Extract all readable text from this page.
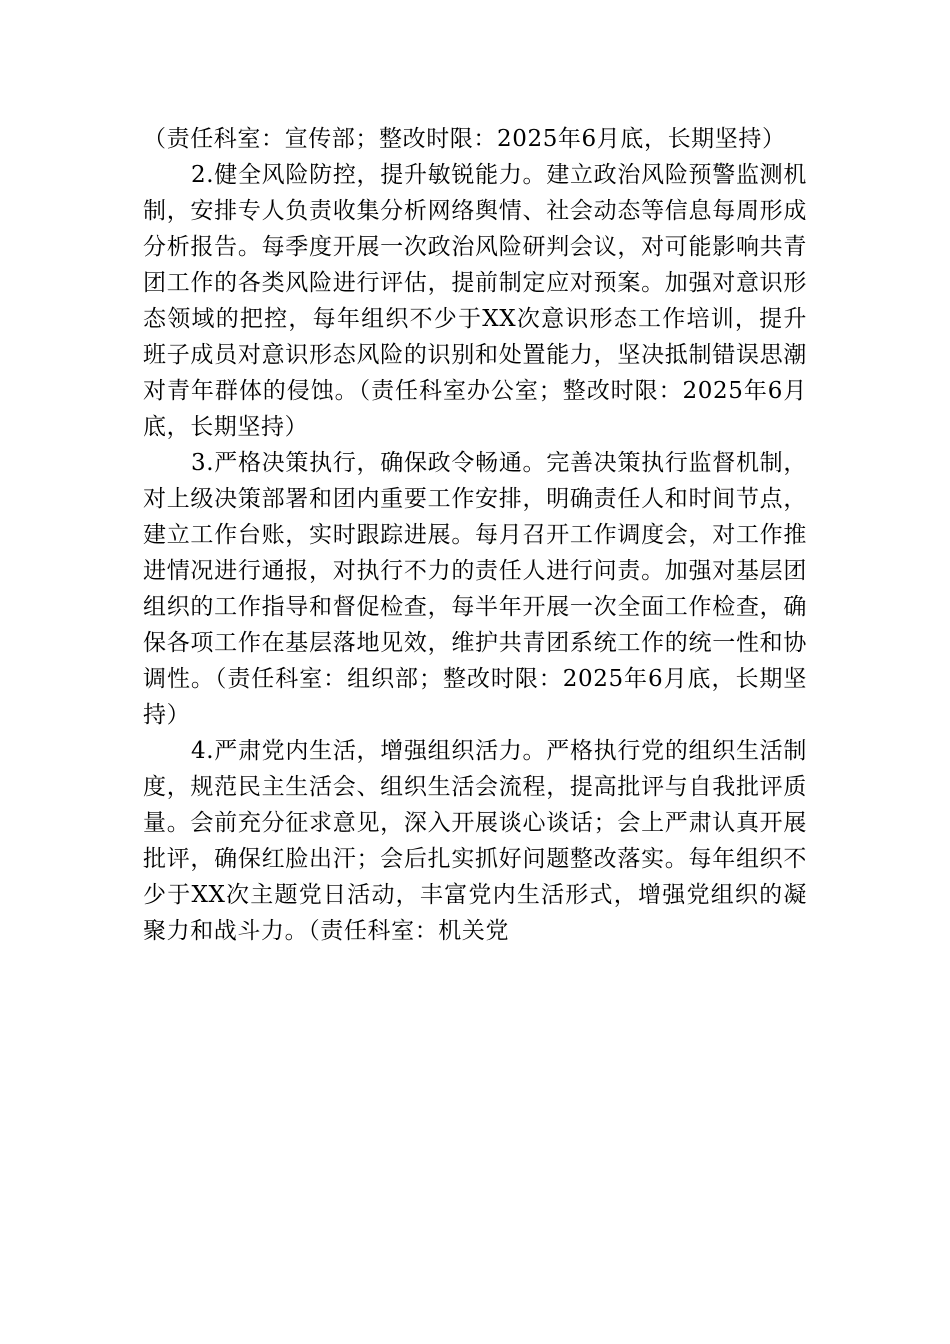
（责任科室：宣传部；整改时限：2025年6月底，长期坚持）

2.健全风险防控，提升敏锐能力。建立政治风险预警监测机制，安排专人负责收集分析网络舆情、社会动态等信息每周形成分析报告。每季度开展一次政治风险研判会议，对可能影响共青团工作的各类风险进行评估，提前制定应对预案。加强对意识形态领域的把控，每年组织不少于XX次意识形态工作培训，提升班子成员对意识形态风险的识别和处置能力，坚决抵制错误思潮对青年群体的侵蚀。（责任科室办公室；整改时限：2025年6月底，长期坚持）

3.严格决策执行，确保政令畅通。完善决策执行监督机制，对上级决策部署和团内重要工作安排，明确责任人和时间节点，建立工作台账，实时跟踪进展。每月召开工作调度会，对工作推进情况进行通报，对执行不力的责任人进行问责。加强对基层团组织的工作指导和督促检查，每半年开展一次全面工作检查，确保各项工作在基层落地见效，维护共青团系统工作的统一性和协调性。（责任科室：组织部；整改时限：2025年6月底，长期坚持）

4.严肃党内生活，增强组织活力。严格执行党的组织生活制度，规范民主生活会、组织生活会流程，提高批评与自我批评质量。会前充分征求意见，深入开展谈心谈话；会上严肃认真开展批评，确保红脸出汗；会后扎实抓好问题整改落实。每年组织不少于XX次主题党日活动，丰富党内生活形式，增强党组织的凝聚力和战斗力。（责任科室：机关党
